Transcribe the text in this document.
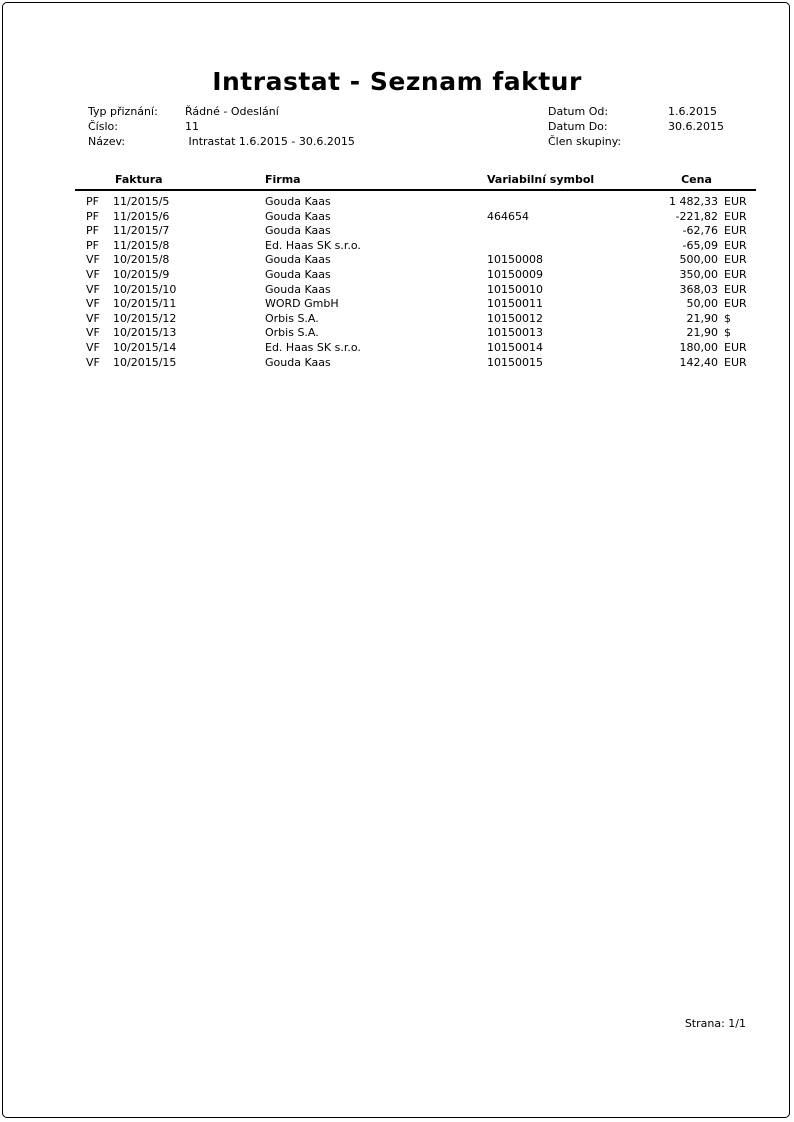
Intrastat - Seznam faktur
Typ přiznání: Řádné - Odeslání
Číslo:	11
Název:	Intrastat 1.6.2015 - 30.6.2015
Datum Od:	1.6.2015
Datum Do:	30.6.2015
Člen skupiny:
	Faktura	Firma	Variabilní symbol	Cena	
PF	11/2015/5	Gouda Kaas		1 482,33	EUR
PF	11/2015/6	Gouda Kaas	464654	-221,82	EUR
PF	11/2015/7	Gouda Kaas		-62,76	EUR
PF	11/2015/8	Ed. Haas SK s.r.o.		-65,09	EUR
VF	10/2015/8	Gouda Kaas	10150008	500,00	EUR
VF	10/2015/9	Gouda Kaas	10150009	350,00	EUR
VF	10/2015/10	Gouda Kaas	10150010	368,03	EUR
VF	10/2015/11	WORD GmbH	10150011	50,00	EUR
VF	10/2015/12	Orbis S.A.	10150012	21,90	$
VF	10/2015/13	Orbis S.A.	10150013	21,90	$
VF	10/2015/14	Ed. Haas SK s.r.o.	10150014	180,00	EUR
VF	10/2015/15	Gouda Kaas	10150015	142,40	EUR
Strana: 1/1
